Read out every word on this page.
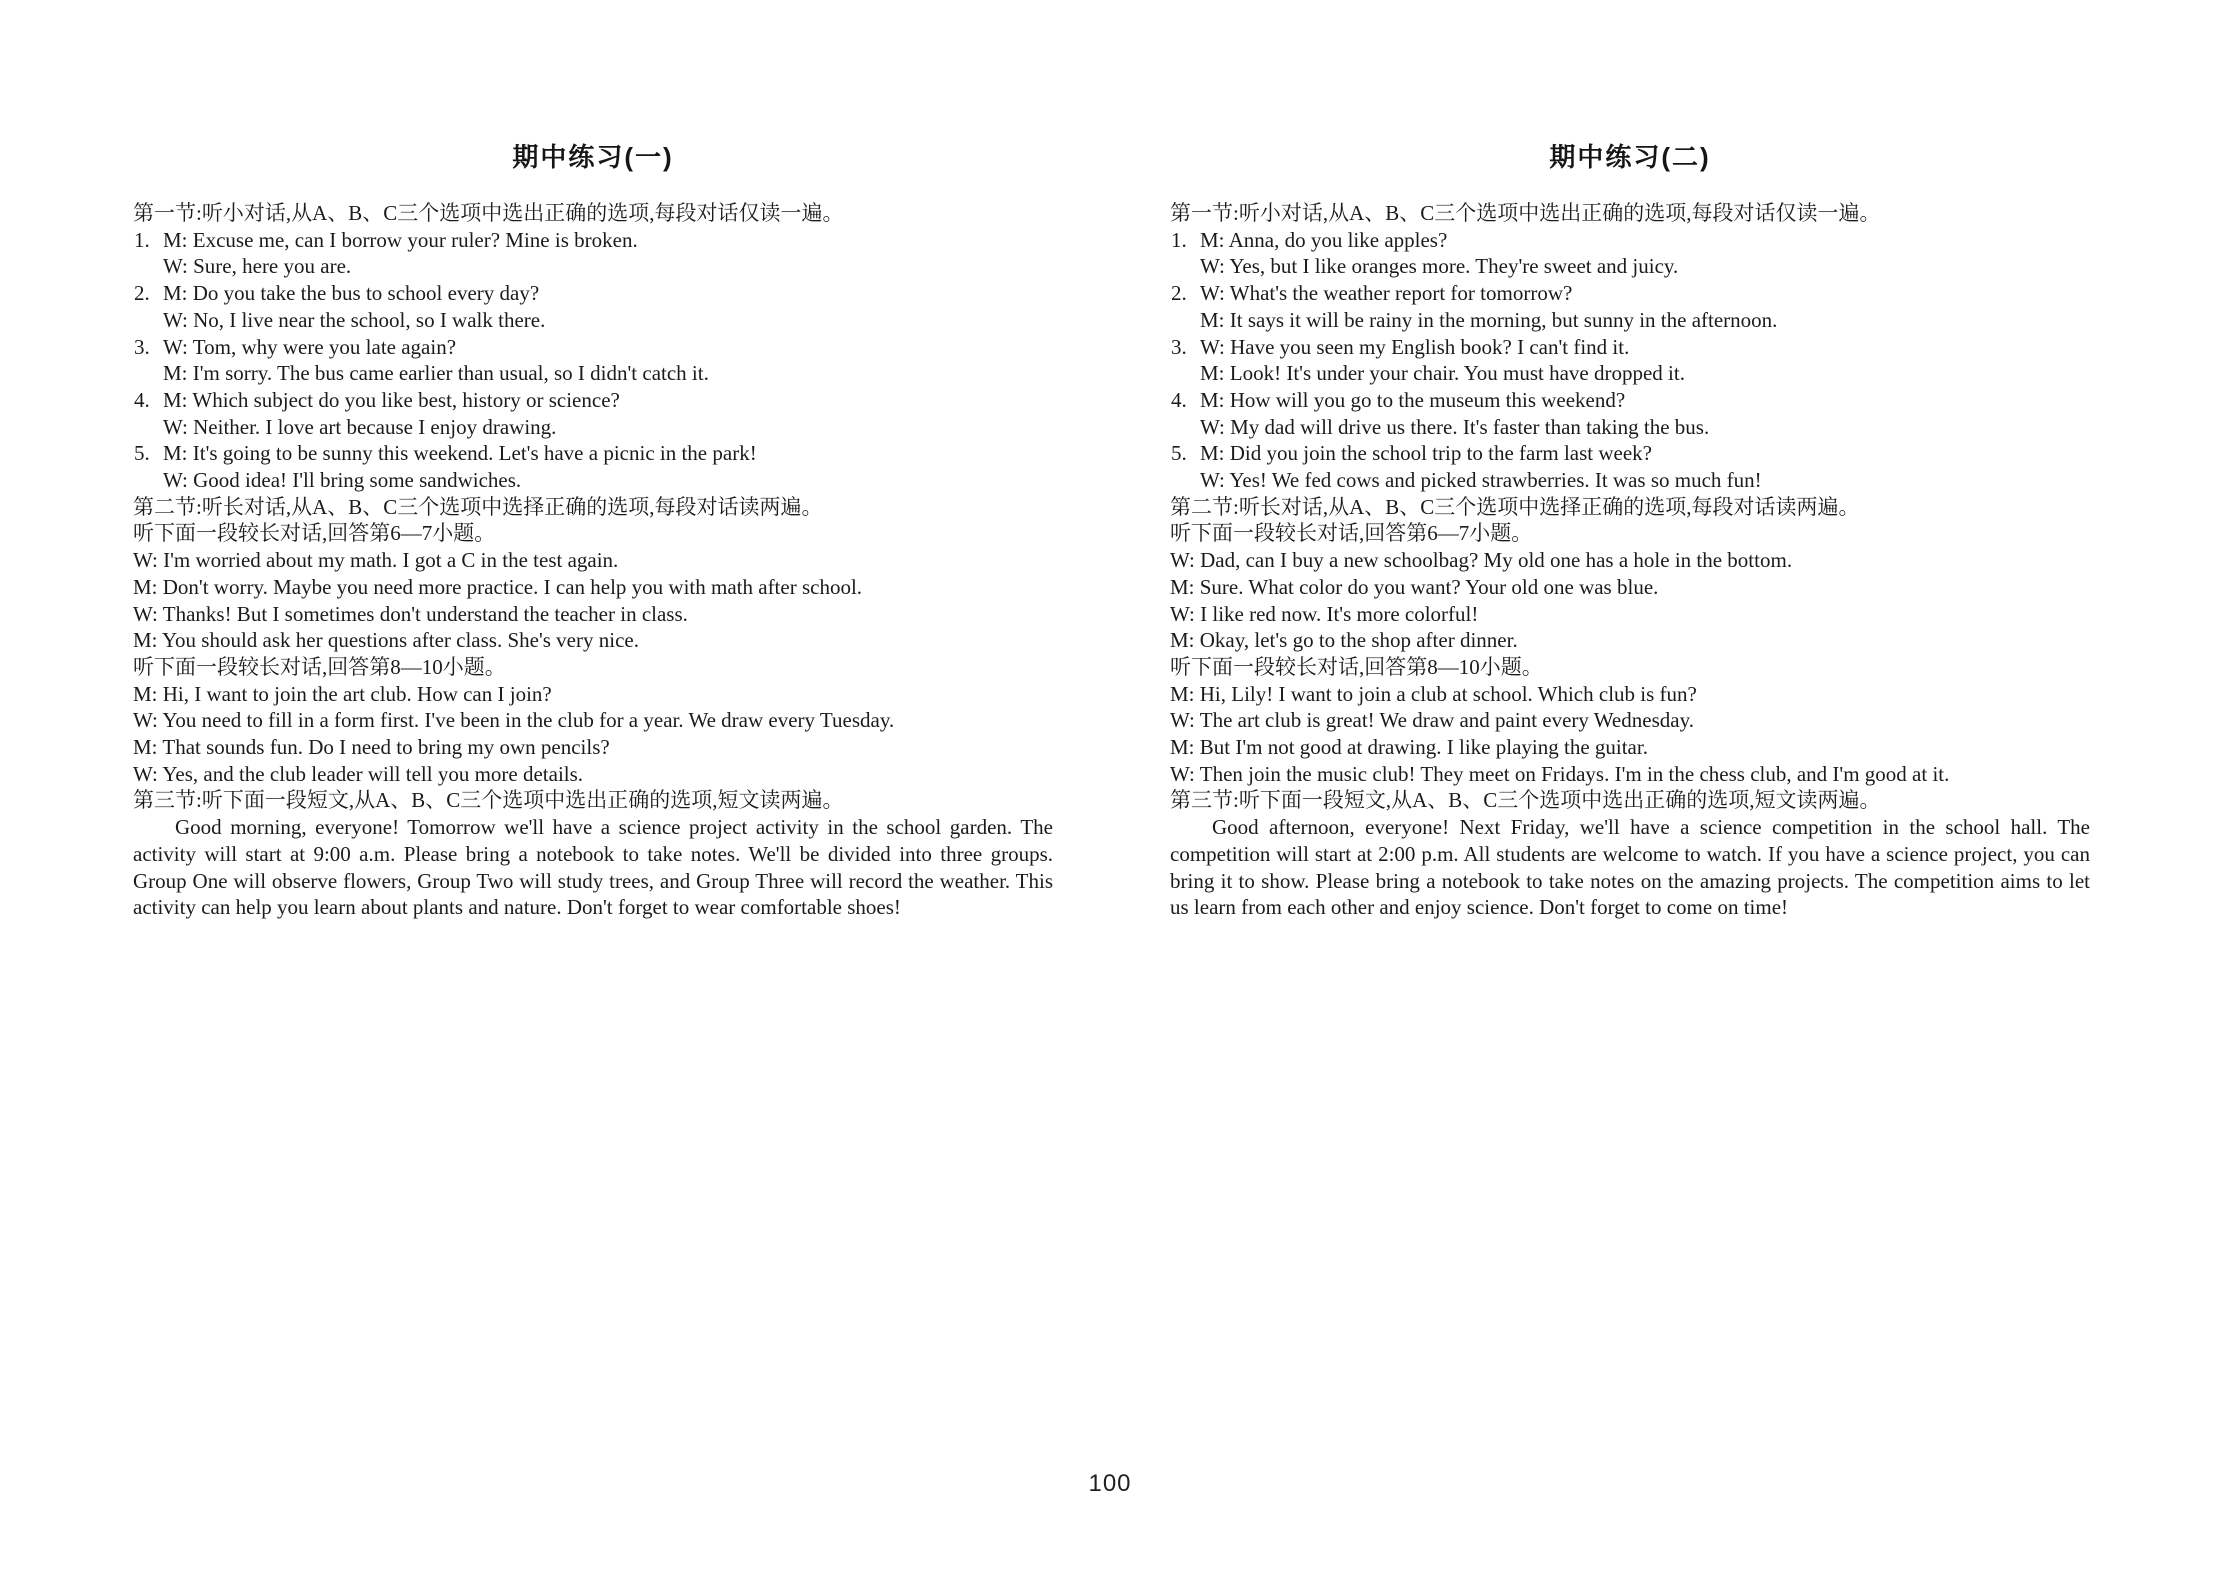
期中练习(一)
第一节:听小对话,从A、B、C三个选项中选出正确的选项,每段对话仅读一遍。
1. M: Excuse me, can I borrow your ruler? Mine is broken.
W: Sure, here you are.
2. M: Do you take the bus to school every day?
W: No, I live near the school, so I walk there.
3. W: Tom, why were you late again?
M: I'm sorry. The bus came earlier than usual, so I didn't catch it.
4. M: Which subject do you like best, history or science?
W: Neither. I love art because I enjoy drawing.
5. M: It's going to be sunny this weekend. Let's have a picnic in the park!
W: Good idea! I'll bring some sandwiches.
第二节:听长对话,从A、B、C三个选项中选择正确的选项,每段对话读两遍。
听下面一段较长对话,回答第6—7小题。
W: I'm worried about my math. I got a C in the test again.
M: Don't worry. Maybe you need more practice. I can help you with math after school.
W: Thanks! But I sometimes don't understand the teacher in class.
M: You should ask her questions after class. She's very nice.
听下面一段较长对话,回答第8—10小题。
M: Hi, I want to join the art club. How can I join?
W: You need to fill in a form first. I've been in the club for a year. We draw every Tuesday.
M: That sounds fun. Do I need to bring my own pencils?
W: Yes, and the club leader will tell you more details.
第三节:听下面一段短文,从A、B、C三个选项中选出正确的选项,短文读两遍。

Good morning, everyone! Tomorrow we'll have a science project activity in the school garden. The activity will start at 9:00 a.m. Please bring a notebook to take notes. We'll be divided into three groups. Group One will observe flowers, Group Two will study trees, and Group Three will record the weather. This activity can help you learn about plants and nature. Don't forget to wear comfortable shoes!

期中练习(二)
第一节:听小对话,从A、B、C三个选项中选出正确的选项,每段对话仅读一遍。
1. M: Anna, do you like apples?
W: Yes, but I like oranges more. They're sweet and juicy.
2. W: What's the weather report for tomorrow?
M: It says it will be rainy in the morning, but sunny in the afternoon.
3. W: Have you seen my English book? I can't find it.
M: Look! It's under your chair. You must have dropped it.
4. M: How will you go to the museum this weekend?
W: My dad will drive us there. It's faster than taking the bus.
5. M: Did you join the school trip to the farm last week?
W: Yes! We fed cows and picked strawberries. It was so much fun!
第二节:听长对话,从A、B、C三个选项中选择正确的选项,每段对话读两遍。
听下面一段较长对话,回答第6—7小题。
W: Dad, can I buy a new schoolbag? My old one has a hole in the bottom.
M: Sure. What color do you want? Your old one was blue.
W: I like red now. It's more colorful!
M: Okay, let's go to the shop after dinner.
听下面一段较长对话,回答第8—10小题。
M: Hi, Lily! I want to join a club at school. Which club is fun?
W: The art club is great! We draw and paint every Wednesday.
M: But I'm not good at drawing. I like playing the guitar.
W: Then join the music club! They meet on Fridays. I'm in the chess club, and I'm good at it.
第三节:听下面一段短文,从A、B、C三个选项中选出正确的选项,短文读两遍。

Good afternoon, everyone! Next Friday, we'll have a science competition in the school hall. The competition will start at 2:00 p.m. All students are welcome to watch. If you have a science project, you can bring it to show. Please bring a notebook to take notes on the amazing projects. The competition aims to let us learn from each other and enjoy science. Don't forget to come on time!

100
